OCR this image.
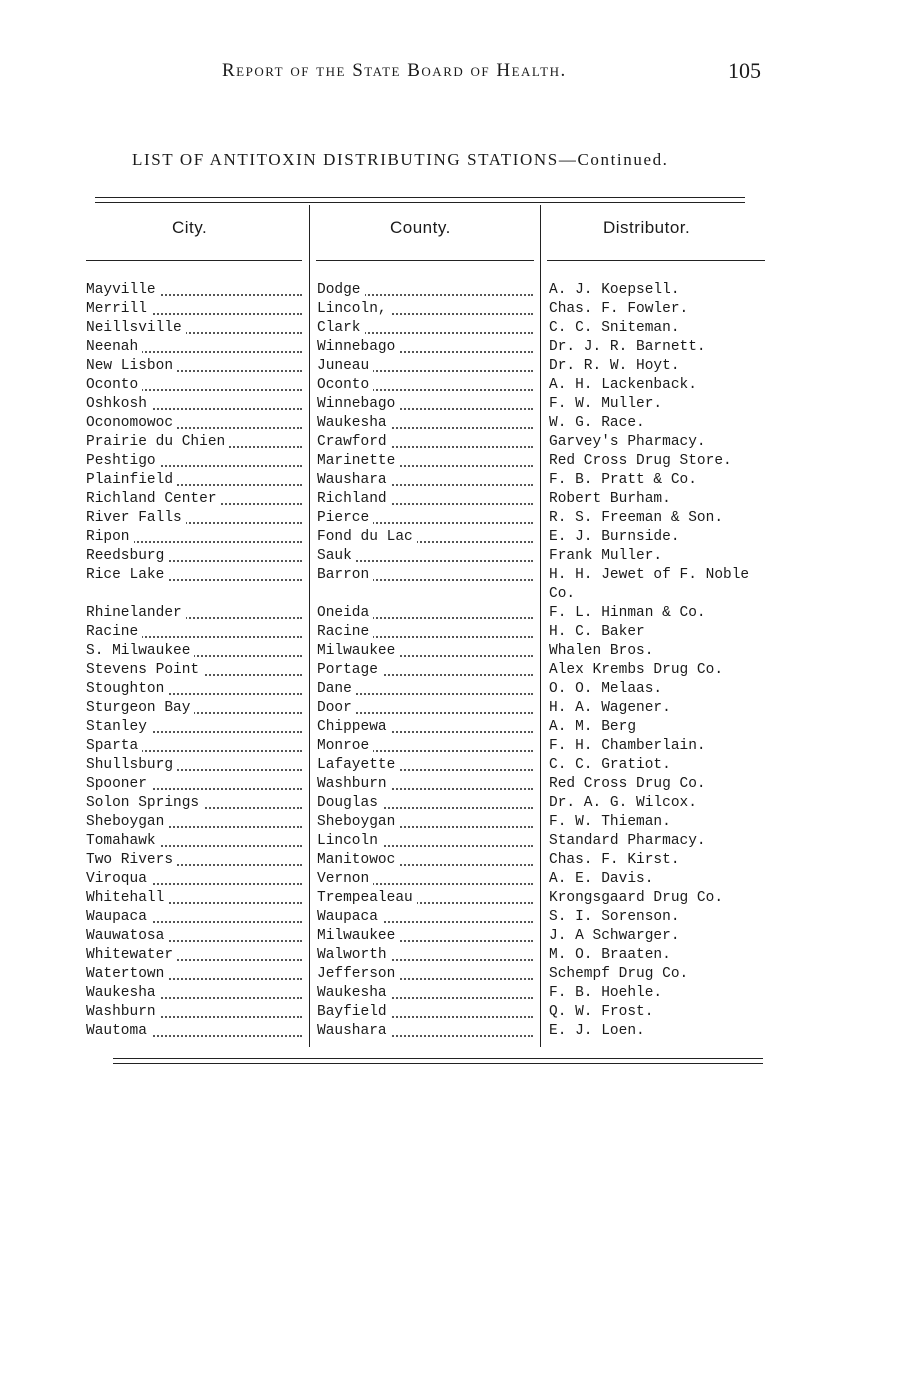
Report of the State Board of Health.	105
LIST OF ANTITOXIN DISTRIBUTING STATIONS—Continued.
City.	County.	Distributor.
Mayville	Dodge	A. J. Koepsell.
Merrill	Lincoln,	Chas. F. Fowler.
Neillsville	Clark	C. C. Sniteman.
Neenah	Winnebago	Dr. J. R. Barnett.
New Lisbon	Juneau	Dr. R. W. Hoyt.
Oconto	Oconto	A. H. Lackenback.
Oshkosh	Winnebago	F. W. Muller.
Oconomowoc	Waukesha	W. G. Race.
Prairie du Chien	Crawford	Garvey's Pharmacy.
Peshtigo	Marinette	Red Cross Drug Store.
Plainfield	Waushara	F. B. Pratt & Co.
Richland Center	Richland	Robert Burham.
River Falls	Pierce	R. S. Freeman & Son.
Ripon	Fond du Lac	E. J. Burnside.
Reedsburg	Sauk	Frank Muller.
Rice Lake	Barron	H. H. Jewet of F. Noble Co.
Rhinelander	Oneida	F. L. Hinman & Co.
Racine	Racine	H. C. Baker
S. Milwaukee	Milwaukee	Whalen Bros.
Stevens Point	Portage	Alex Krembs Drug Co.
Stoughton	Dane	O. O. Melaas.
Sturgeon Bay	Door	H. A. Wagener.
Stanley	Chippewa	A. M. Berg
Sparta	Monroe	F. H. Chamberlain.
Shullsburg	Lafayette	C. C. Gratiot.
Spooner	Washburn	Red Cross Drug Co.
Solon Springs	Douglas	Dr. A. G. Wilcox.
Sheboygan	Sheboygan	F. W. Thieman.
Tomahawk	Lincoln	Standard Pharmacy.
Two Rivers	Manitowoc	Chas. F. Kirst.
Viroqua	Vernon	A. E. Davis.
Whitehall	Trempealeau	Krongsgaard Drug Co.
Waupaca	Waupaca	S. I. Sorenson.
Wauwatosa	Milwaukee	J. A Schwarger.
Whitewater	Walworth	M. O. Braaten.
Watertown	Jefferson	Schempf Drug Co.
Waukesha	Waukesha	F. B. Hoehle.
Washburn	Bayfield	Q. W. Frost.
Wautoma	Waushara	E. J. Loen.
